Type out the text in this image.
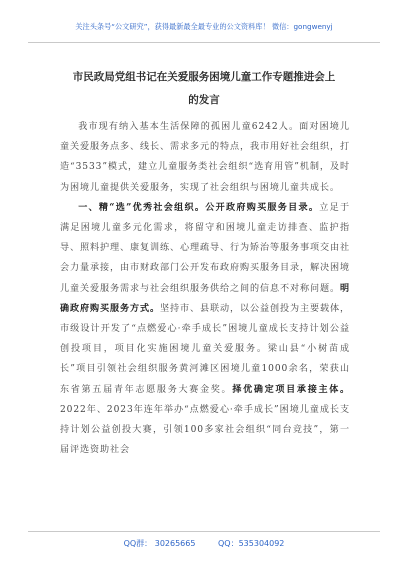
关注头条号“公文研究”，获得最新最全最专业的公文资料库！ 微信：gongwenyj
市民政局党组书记在关爱服务困境儿童工作专题推进会上
的发言

我市现有纳入基本生活保障的孤困儿童6242人。面对困境儿童关爱服务点多、线长、需求多元的特点，我市用好社会组织，打造“3533”模式，建立儿童服务类社会组织“选育用管”机制，及时为困境儿童提供关爱服务，实现了社会组织与困境儿童共成长。

一、精“选”优秀社会组织。公开政府购买服务目录。立足于满足困境儿童多元化需求，将留守和困境儿童走访排查、监护指导、照料护理、康复训练、心理疏导、行为矫治等服务事项交由社会力量承接，由市财政部门公开发布政府购买服务目录，解决困境儿童关爱服务需求与社会组织服务供给之间的信息不对称问题。明确政府购买服务方式。坚持市、县联动，以公益创投为主要载体，市级设计开发了“点燃爱心·牵手成长”困境儿童成长支持计划公益创投项目，项目化实施困境儿童关爱服务。梁山县“小树苗成长”项目引领社会组织服务黄河滩区困境儿童1000余名，荣获山东省第五届青年志愿服务大赛金奖。择优确定项目承接主体。2022年、2023年连年举办“点燃爱心·牵手成长”困境儿童成长支持计划公益创投大赛，引领100多家社会组织“同台竞技”，第一届评选资助社会

QQ群： 30265665	QQ：535304092
